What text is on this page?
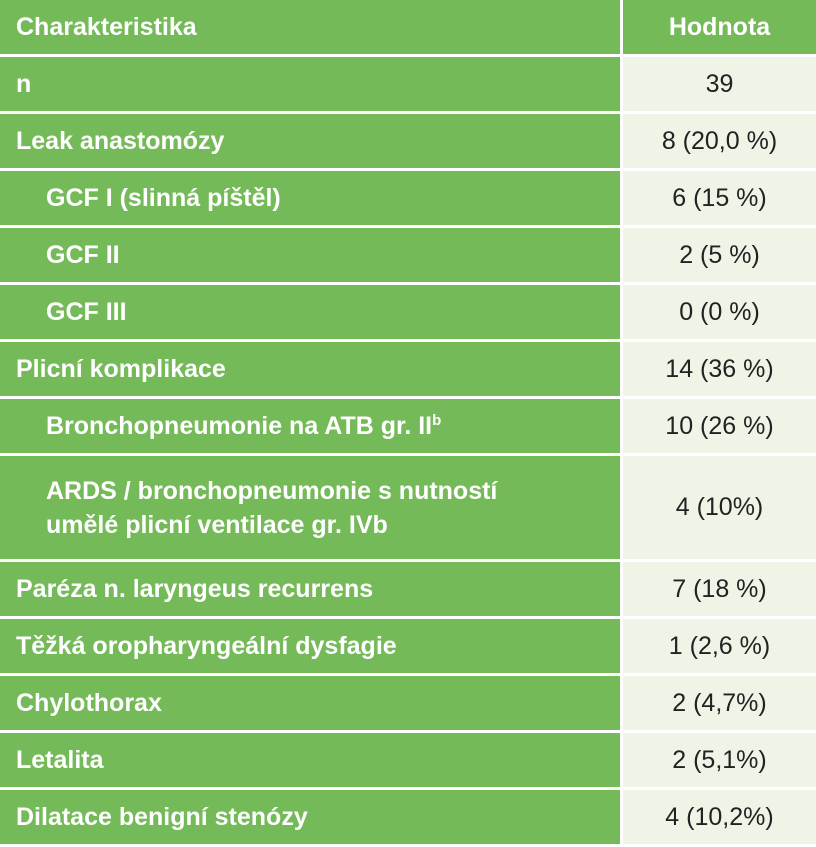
Charakteristika	Hodnota
n	39
Leak anastomózy	8 (20,0 %)
GCF I (slinná píštěl)	6 (15 %)
GCF II	2 (5 %)
GCF III	0 (0 %)
Plicní komplikace	14 (36 %)
Bronchopneumonie na ATB gr. $II^b$	10 (26 %)

ARDS / bronchopneumonie s nutností
umělé plicní ventilace gr. IVb	4 (10%)
Paréza n. laryngeus recurrens	7 (18 %)
Těžká oropharyngeální dysfagie	1 (2,6 %)
Chylothorax	2 (4,7%)
Letalita	2 (5,1%)
Dilatace benigní stenózy	4 (10,2%)
